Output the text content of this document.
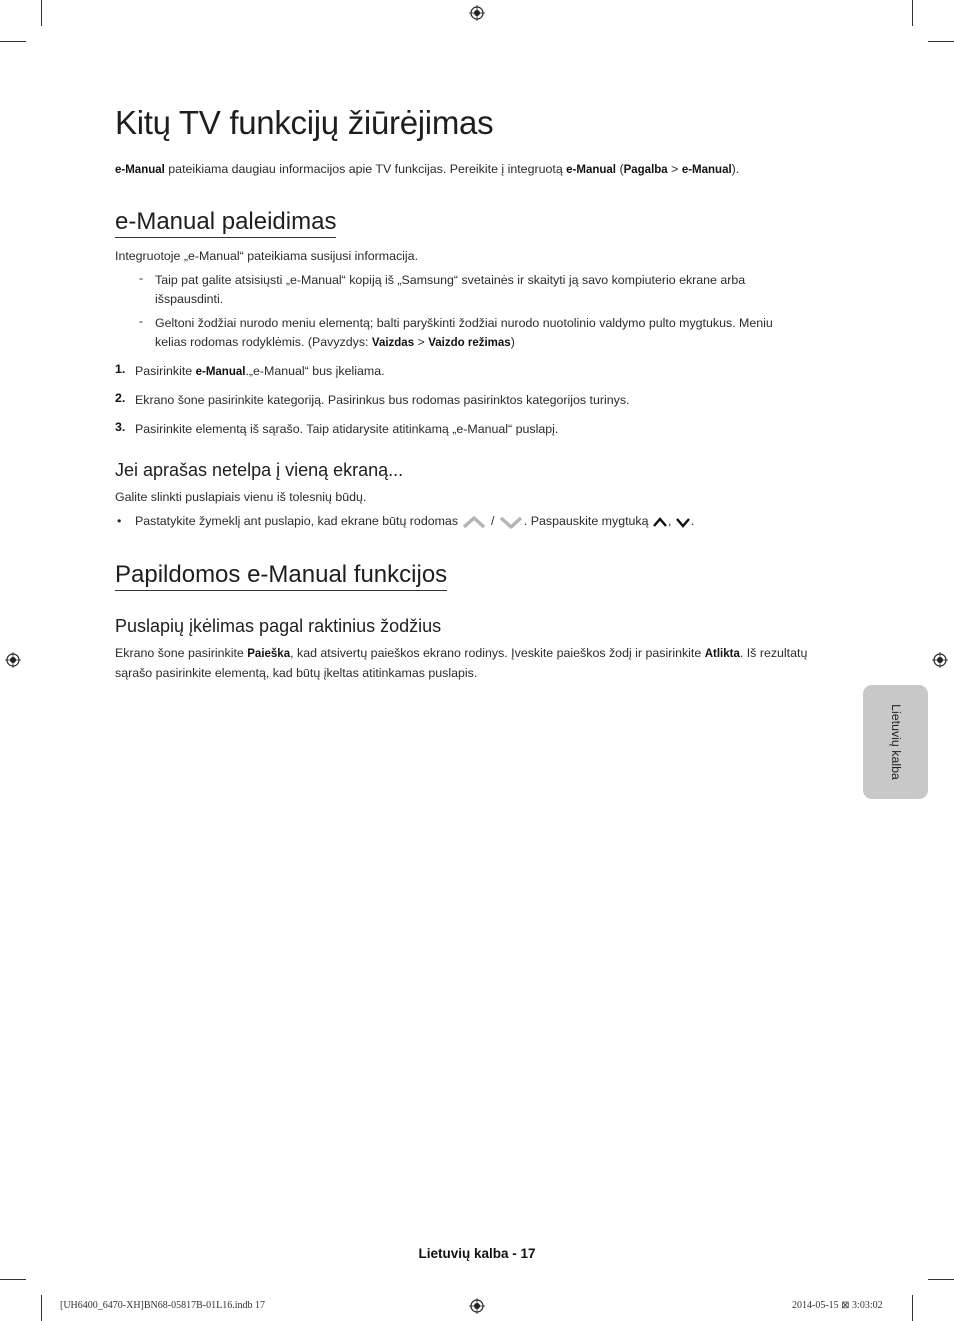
Kitų TV funkcijų žiūrėjimas
e-Manual pateikiama daugiau informacijos apie TV funkcijas. Pereikite į integruotą e-Manual (Pagalba > e-Manual).
e-Manual paleidimas
Integruotoje „e-Manual“ pateikiama susijusi informacija.
- Taip pat galite atsisiųsti „e-Manual“ kopiją iš „Samsung“ svetainės ir skaityti ją savo kompiuterio ekrane arba
išspausdinti.
- Geltoni žodžiai nurodo meniu elementą; balti paryškinti žodžiai nurodo nuotolinio valdymo pulto mygtukus. Meniu
kelias rodomas rodyklėmis. (Pavyzdys: Vaizdas > Vaizdo režimas)
1. Pasirinkite e-Manual.„e-Manual“ bus įkeliama.
2. Ekrano šone pasirinkite kategoriją. Pasirinkus bus rodomas pasirinktos kategorijos turinys.
3. Pasirinkite elementą iš sąrašo. Taip atidarysite atitinkamą „e-Manual“ puslapį.
Jei aprašas netelpa į vieną ekraną...
Galite slinkti puslapiais vienu iš tolesnių būdų.
• Pastatykite žymeklį ant puslapio, kad ekrane būtų rodomas	/ . Paspauskite mygtuką , .
Papildomos e-Manual funkcijos
Puslapių įkėlimas pagal raktinius žodžius
Ekrano šone pasirinkite Paieška, kad atsivertų paieškos ekrano rodinys. Įveskite paieškos žodį ir pasirinkite Atlikta. Iš rezultatų
sąrašo pasirinkite elementą, kad būtų įkeltas atitinkamas puslapis.
Lietuvių kalba
Lietuvių kalba - 17
[UH6400_6470-XH]BN68-05817B-01L16.indb 17	2014-05-15 ⊠ 3:03:02
